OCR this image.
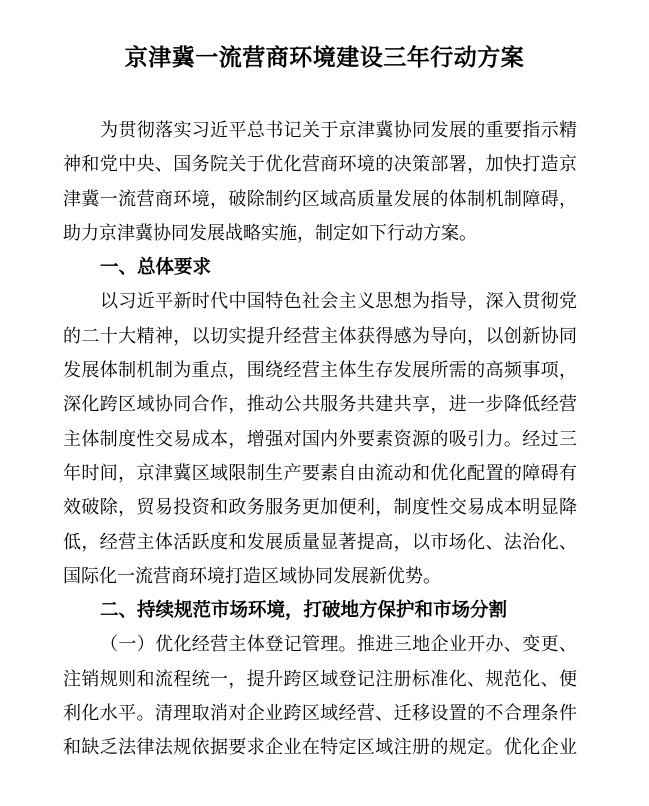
京津冀一流营商环境建设三年行动方案
为贯彻落实习近平总书记关于京津冀协同发展的重要指示精
神和党中央、国务院关于优化营商环境的决策部署，加快打造京
津冀一流营商环境，破除制约区域高质量发展的体制机制障碍，
助力京津冀协同发展战略实施，制定如下行动方案。
一、总体要求
以习近平新时代中国特色社会主义思想为指导，深入贯彻党
的二十大精神，以切实提升经营主体获得感为导向，以创新协同
发展体制机制为重点，围绕经营主体生存发展所需的高频事项，
深化跨区域协同合作，推动公共服务共建共享，进一步降低经营
主体制度性交易成本，增强对国内外要素资源的吸引力。经过三
年时间，京津冀区域限制生产要素自由流动和优化配置的障碍有
效破除，贸易投资和政务服务更加便利，制度性交易成本明显降
低，经营主体活跃度和发展质量显著提高，以市场化、法治化、
国际化一流营商环境打造区域协同发展新优势。
二、持续规范市场环境，打破地方保护和市场分割
（一）优化经营主体登记管理。推进三地企业开办、变更、
注销规则和流程统一，提升跨区域登记注册标准化、规范化、便
利化水平。清理取消对企业跨区域经营、迁移设置的不合理条件
和缺乏法律法规依据要求企业在特定区域注册的规定。优化企业
